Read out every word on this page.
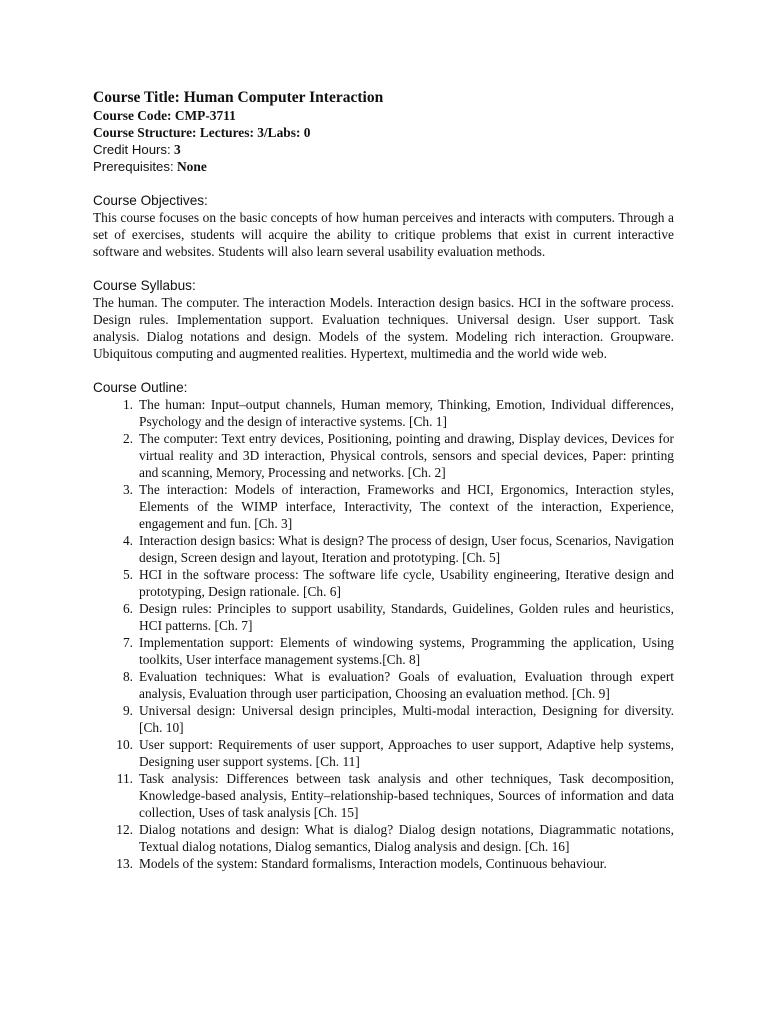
Course Title: Human Computer Interaction
Course Code: CMP-3711
Course Structure: Lectures: 3/Labs: 0
Credit Hours: 3
Prerequisites: None

Course Objectives:

This course focuses on the basic concepts of how human perceives and interacts with computers. Through a set of exercises, students will acquire the ability to critique problems that exist in current interactive software and websites. Students will also learn several usability evaluation methods.

Course Syllabus:

The human. The computer. The interaction Models. Interaction design basics. HCI in the software process. Design rules. Implementation support. Evaluation techniques. Universal design. User support. Task analysis. Dialog notations and design. Models of the system. Modeling rich interaction. Groupware. Ubiquitous computing and augmented realities. Hypertext, multimedia and the world wide web.

Course Outline:

1. The human: Input–output channels, Human memory, Thinking, Emotion, Individual differences, Psychology and the design of interactive systems. [Ch. 1]
2. The computer: Text entry devices, Positioning, pointing and drawing, Display devices, Devices for virtual reality and 3D interaction, Physical controls, sensors and special devices, Paper: printing and scanning, Memory, Processing and networks. [Ch. 2]
3. The interaction: Models of interaction, Frameworks and HCI, Ergonomics, Interaction styles, Elements of the WIMP interface, Interactivity, The context of the interaction, Experience, engagement and fun. [Ch. 3]
4. Interaction design basics: What is design? The process of design, User focus, Scenarios, Navigation design, Screen design and layout, Iteration and prototyping. [Ch. 5]
5. HCI in the software process: The software life cycle, Usability engineering, Iterative design and prototyping, Design rationale. [Ch. 6]
6. Design rules: Principles to support usability, Standards, Guidelines, Golden rules and heuristics, HCI patterns. [Ch. 7]
7. Implementation support: Elements of windowing systems, Programming the application, Using toolkits, User interface management systems.[Ch. 8]
8. Evaluation techniques: What is evaluation? Goals of evaluation, Evaluation through expert analysis, Evaluation through user participation, Choosing an evaluation method. [Ch. 9]
9. Universal design: Universal design principles, Multi-modal interaction, Designing for diversity.[Ch. 10]
10. User support: Requirements of user support, Approaches to user support, Adaptive help systems, Designing user support systems. [Ch. 11]
11. Task analysis: Differences between task analysis and other techniques, Task decomposition, Knowledge-based analysis, Entity–relationship-based techniques, Sources of information and data collection, Uses of task analysis [Ch. 15]
12. Dialog notations and design: What is dialog? Dialog design notations, Diagrammatic notations, Textual dialog notations, Dialog semantics, Dialog analysis and design. [Ch. 16]
13. Models of the system: Standard formalisms, Interaction models, Continuous behaviour.
